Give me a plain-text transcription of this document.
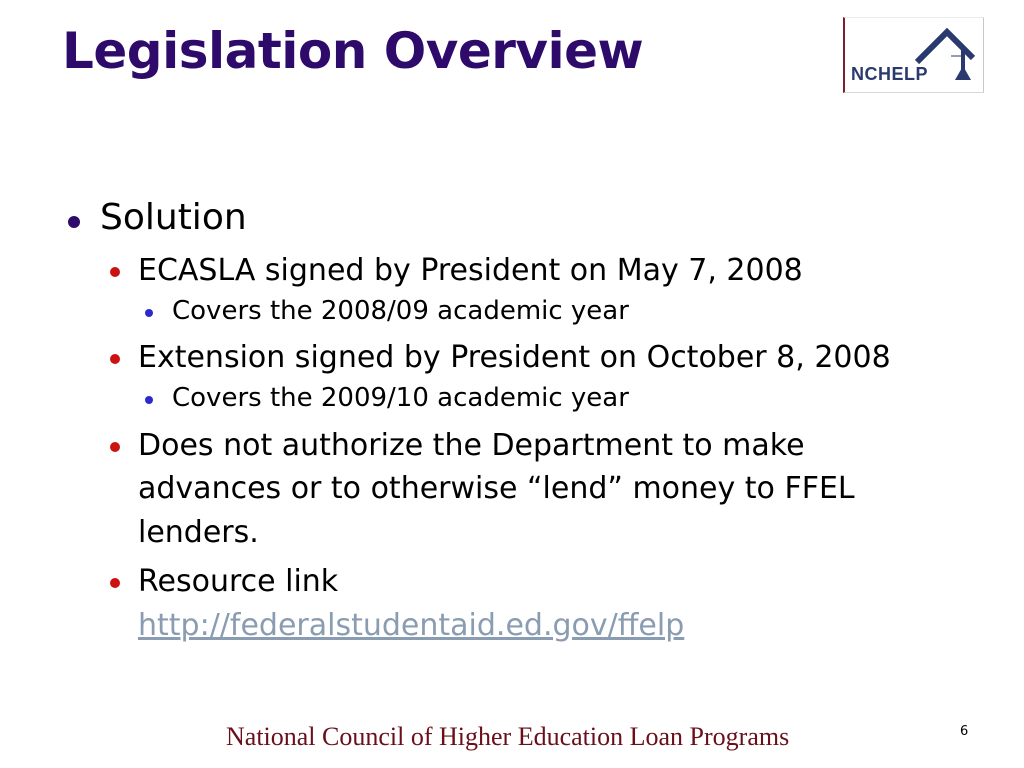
Legislation Overview	NCHELP
Solution
ECASLA signed by President on May 7, 2008
Covers the 2008/09 academic year
Extension signed by President on October 8, 2008
Covers the 2009/10 academic year
Does not authorize the Department to make advances or to otherwise “lend” money to FFEL lenders.
Resource link
http://federalstudentaid.ed.gov/ffelp
National Council of Higher Education Loan Programs	6
